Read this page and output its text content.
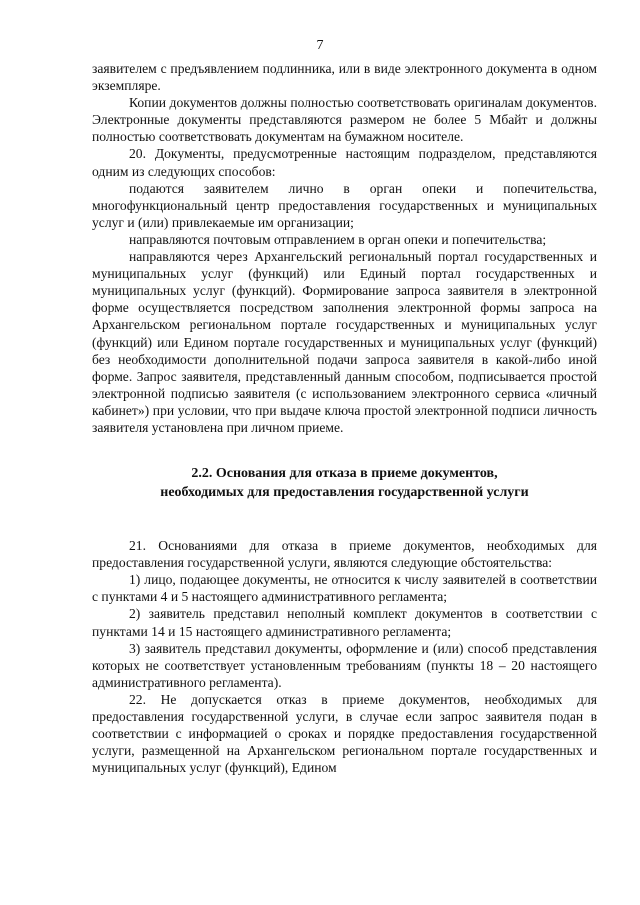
7

заявителем с предъявлением подлинника, или в виде электронного документа в одном экземпляре.

Копии документов должны полностью соответствовать оригиналам документов. Электронные документы представляются размером не более 5 Мбайт и должны полностью соответствовать документам на бумажном носителе.

20. Документы, предусмотренные настоящим подразделом, представляются одним из следующих способов:

подаются заявителем лично в орган опеки и попечительства, многофункциональный центр предоставления государственных и муниципальных услуг и (или) привлекаемые им организации;

направляются почтовым отправлением в орган опеки и попечительства;

направляются через Архангельский региональный портал государственных и муниципальных услуг (функций) или Единый портал государственных и муниципальных услуг (функций). Формирование запроса заявителя в электронной форме осуществляется посредством заполнения электронной формы запроса на Архангельском региональном портале государственных и муниципальных услуг (функций) или Едином портале государственных и муниципальных услуг (функций) без необходимости дополнительной подачи запроса заявителя в какой-либо иной форме. Запрос заявителя, представленный данным способом, подписывается простой электронной подписью заявителя (с использованием электронного сервиса «личный кабинет») при условии, что при выдаче ключа простой электронной подписи личность заявителя установлена при личном приеме.

2.2. Основания для отказа в приеме документов,
необходимых для предоставления государственной услуги

21. Основаниями для отказа в приеме документов, необходимых для предоставления государственной услуги, являются следующие обстоятельства:

1) лицо, подающее документы, не относится к числу заявителей в соответствии с пунктами 4 и 5 настоящего административного регламента;

2) заявитель представил неполный комплект документов в соответствии с пунктами 14 и 15 настоящего административного регламента;

3) заявитель представил документы, оформление и (или) способ представления которых не соответствует установленным требованиям (пункты 18 – 20 настоящего административного регламента).

22. Не допускается отказ в приеме документов, необходимых для предоставления государственной услуги, в случае если запрос заявителя подан в соответствии с информацией о сроках и порядке предоставления государственной услуги, размещенной на Архангельском региональном портале государственных и муниципальных услуг (функций), Едином
